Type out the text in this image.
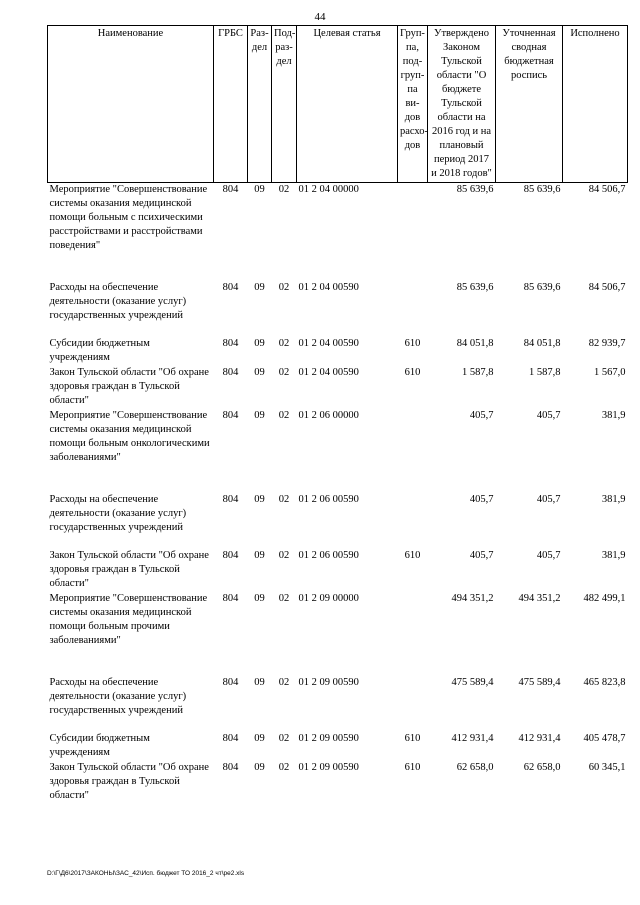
44
Наименование	ГРБС	Раз-дел	Под-раз-дел	Целевая статья	Груп-па, под-груп-па ви-дов расхо-дов	Утверждено Законом Тульской области "О бюджете Тульской области на 2016 год и на плановый период 2017 и 2018 годов"	Уточненная сводная бюджетная роспись	Исполнено
Мероприятие "Совершенствование системы оказания медицинской помощи больным с психическими расстройствами и расстройствами поведения"	804	09	02	01 2 04 00000		85 639,6	85 639,6	84 506,7
Расходы на обеспечение деятельности (оказание услуг) государственных учреждений	804	09	02	01 2 04 00590		85 639,6	85 639,6	84 506,7
Субсидии бюджетным учреждениям	804	09	02	01 2 04 00590	610	84 051,8	84 051,8	82 939,7
Закон Тульской области "Об охране здоровья граждан в Тульской области"	804	09	02	01 2 04 00590	610	1 587,8	1 587,8	1 567,0
Мероприятие "Совершенствование системы оказания медицинской помощи больным онкологическими заболеваниями"	804	09	02	01 2 06 00000		405,7	405,7	381,9
Расходы на обеспечение деятельности (оказание услуг) государственных учреждений	804	09	02	01 2 06 00590		405,7	405,7	381,9
Закон Тульской области "Об охране здоровья граждан в Тульской области"	804	09	02	01 2 06 00590	610	405,7	405,7	381,9
Мероприятие "Совершенствование системы оказания медицинской помощи больным прочими заболеваниями"	804	09	02	01 2 09 00000		494 351,2	494 351,2	482 499,1
Расходы на обеспечение деятельности (оказание услуг) государственных учреждений	804	09	02	01 2 09 00590		475 589,4	475 589,4	465 823,8
Субсидии бюджетным учреждениям	804	09	02	01 2 09 00590	610	412 931,4	412 931,4	405 478,7
Закон Тульской области "Об охране здоровья граждан в Тульской области"	804	09	02	01 2 09 00590	610	62 658,0	62 658,0	60 345,1
D:\Г\Д6\2017\ЗАКОНЫ\ЗАС_42\Исп. бюджет ТО 2016_2 чт\ре2.xls
